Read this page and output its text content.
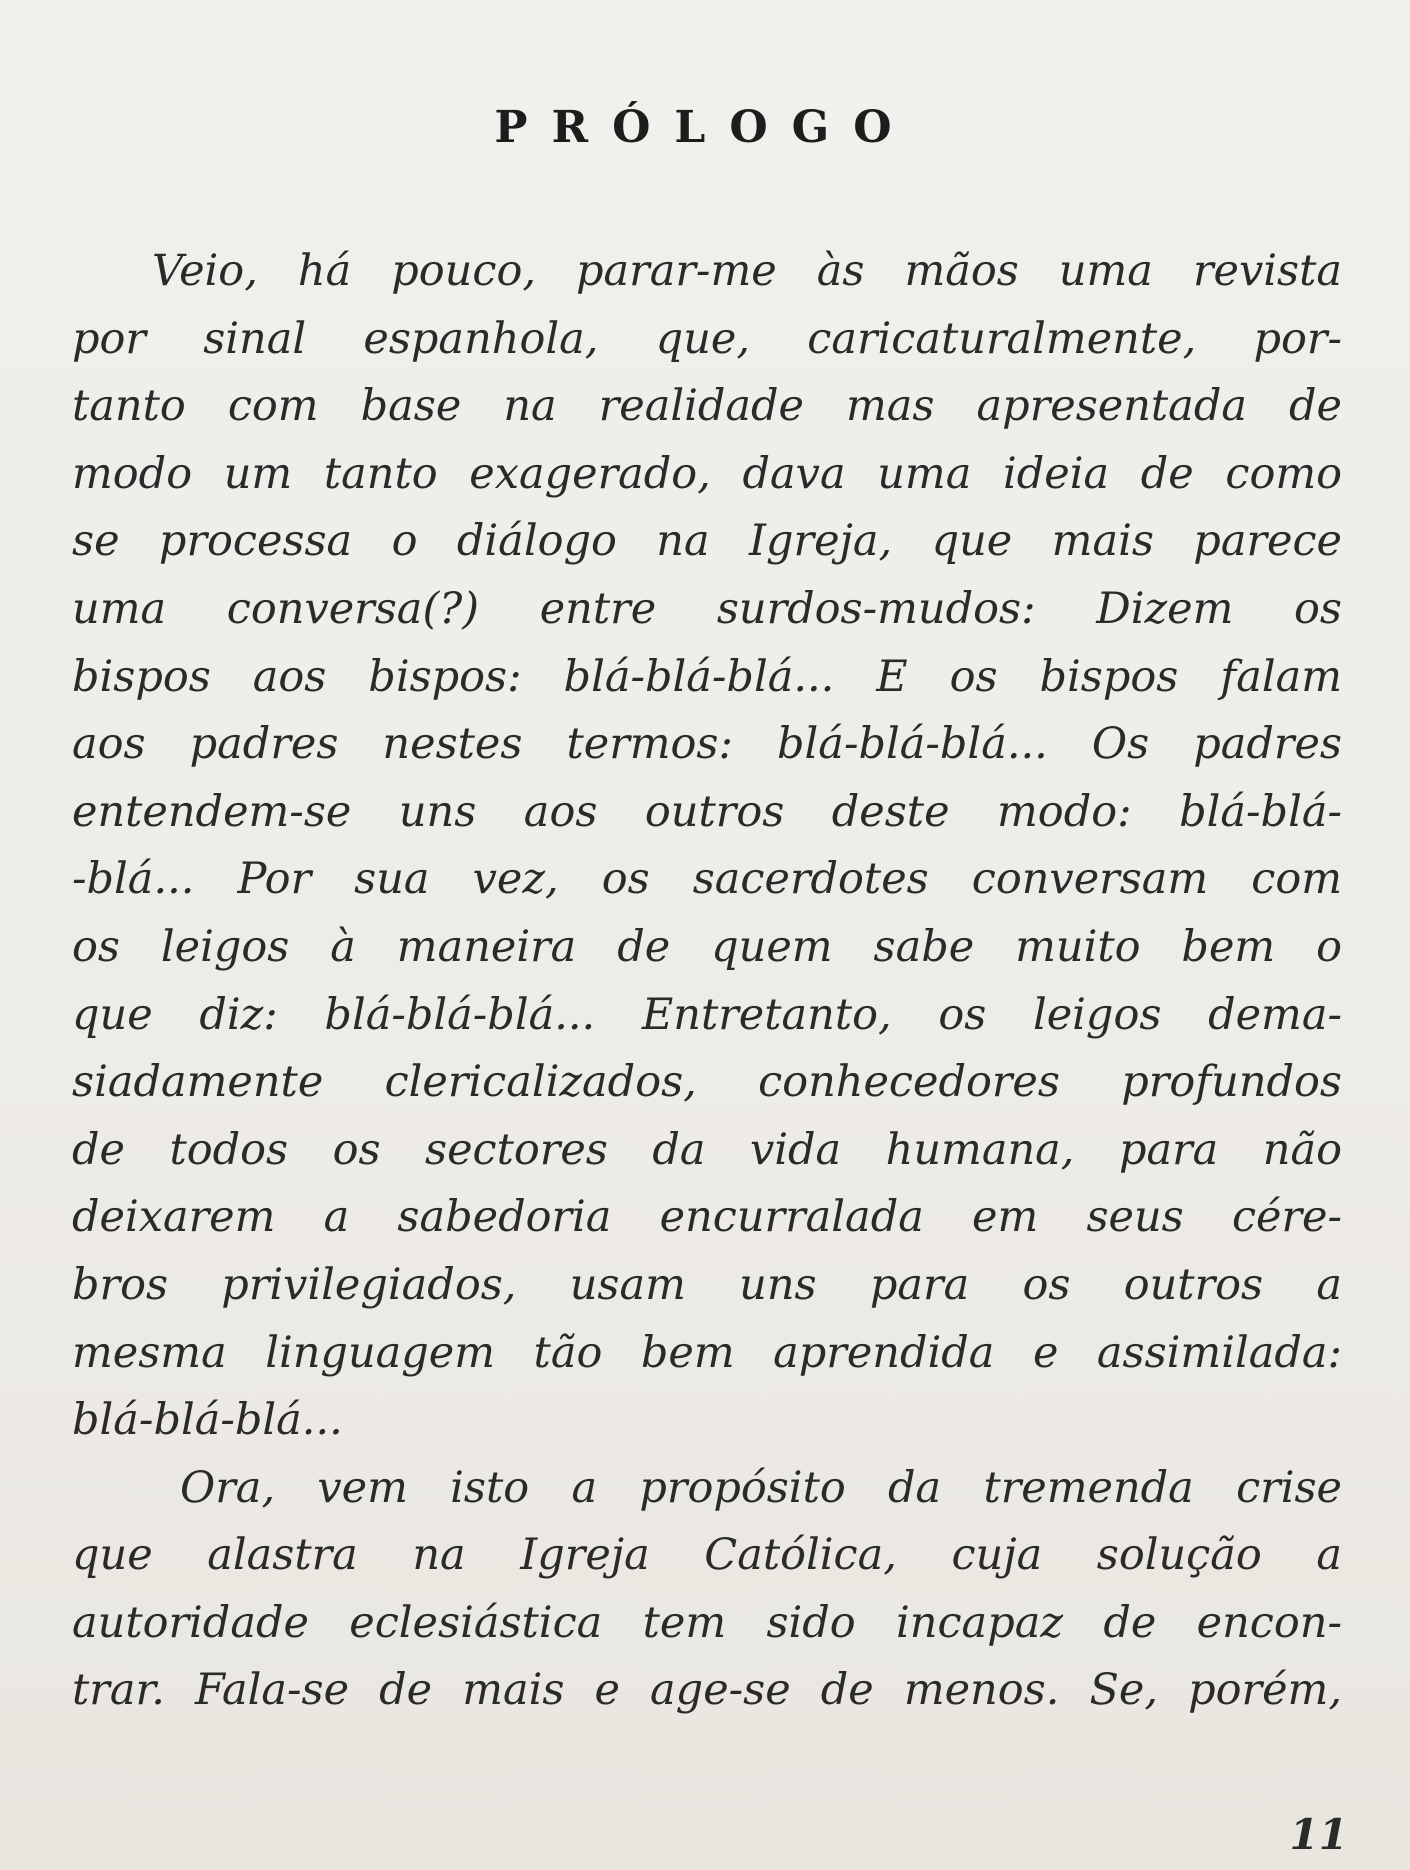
PRÓLOGO
Veio, há pouco, parar-me às mãos uma revista
por sinal espanhola, que, caricaturalmente, por-
tanto com base na realidade mas apresentada de
modo um tanto exagerado, dava uma ideia de como
se processa o diálogo na Igreja, que mais parece
uma conversa(?) entre surdos-mudos: Dizem os
bispos aos bispos: blá-blá-blá... E os bispos falam
aos padres nestes termos: blá-blá-blá... Os padres
entendem-se uns aos outros deste modo: blá-blá-
-blá... Por sua vez, os sacerdotes conversam com
os leigos à maneira de quem sabe muito bem o
que diz: blá-blá-blá... Entretanto, os leigos dema-
siadamente clericalizados, conhecedores profundos
de todos os sectores da vida humana, para não
deixarem a sabedoria encurralada em seus cére-
bros privilegiados, usam uns para os outros a
mesma linguagem tão bem aprendida e assimilada:
blá-blá-blá...
Ora, vem isto a propósito da tremenda crise
que alastra na Igreja Católica, cuja solução a
autoridade eclesiástica tem sido incapaz de encon-
trar. Fala-se de mais e age-se de menos. Se, porém,

11
